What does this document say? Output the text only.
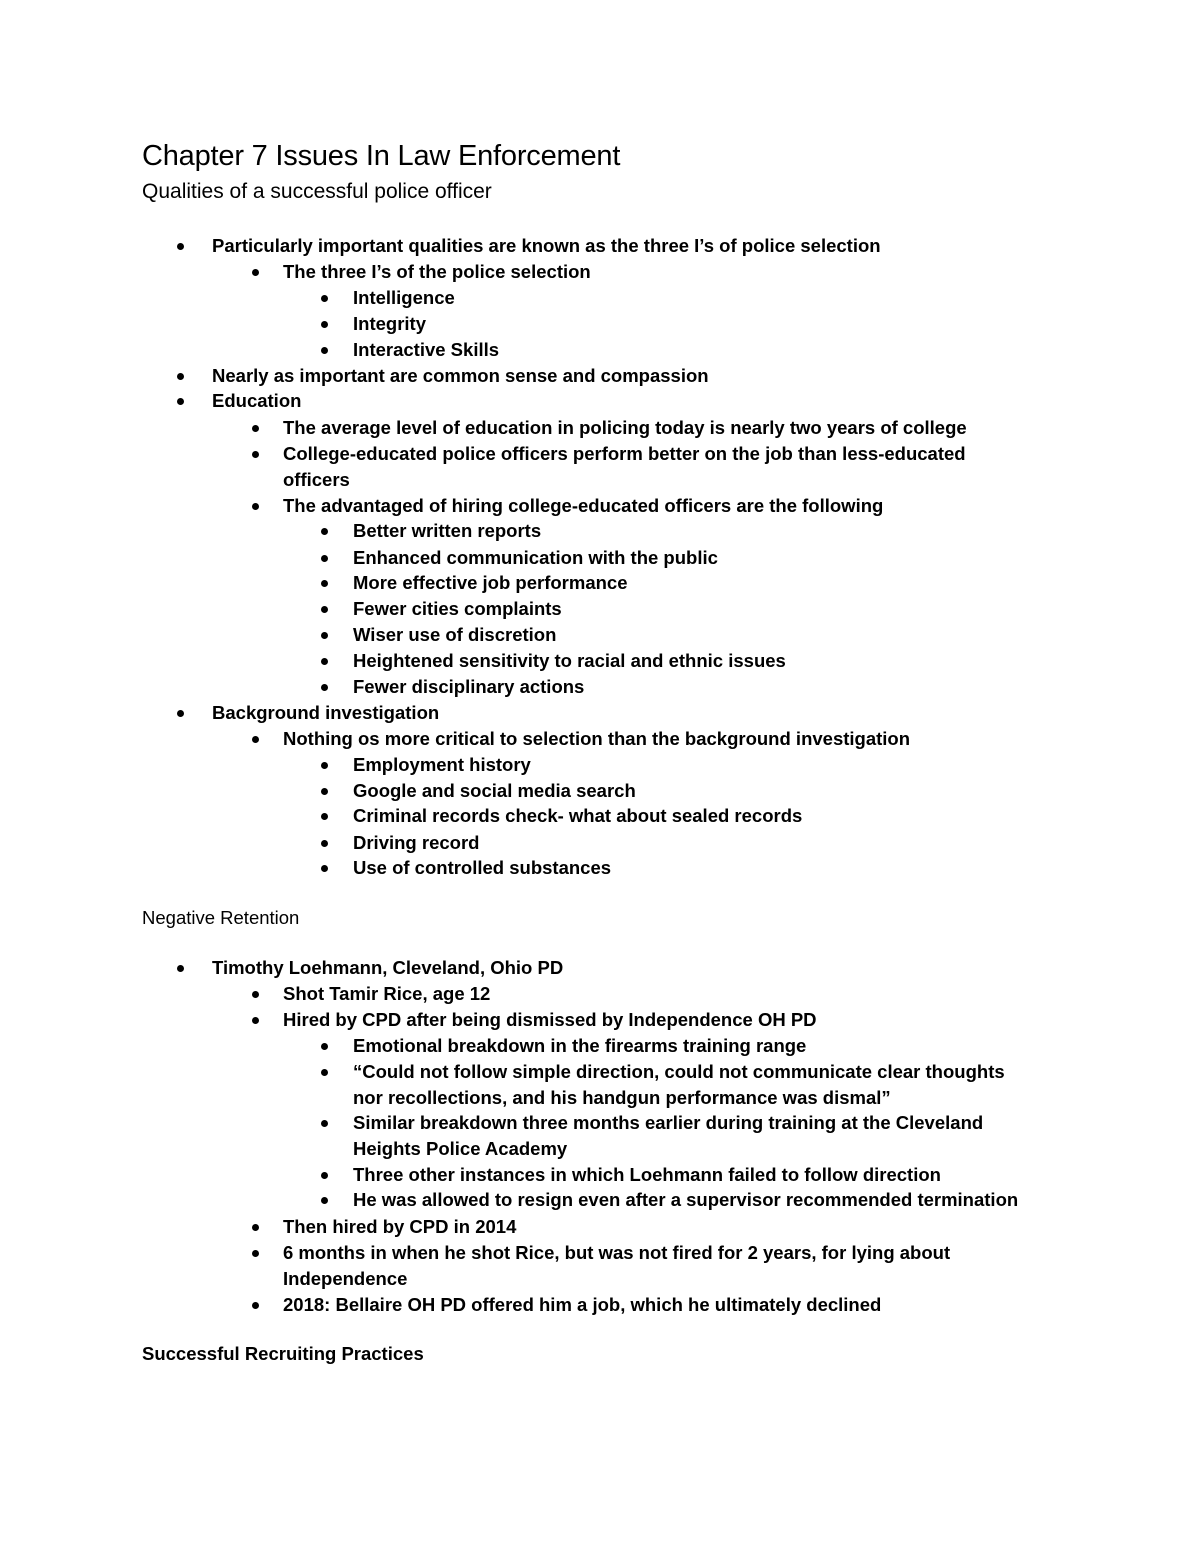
Chapter 7 Issues In Law Enforcement
Qualities of a successful police officer

Particularly important qualities are known as the three I’s of police selection

The three I’s of the police selection

Intelligence

Integrity

Interactive Skills

Nearly as important are common sense and compassion

Education

The average level of education in policing today is nearly two years of college

College-educated police officers perform better on the job than less-educated

officers

The advantaged of hiring college-educated officers are the following

Better written reports

Enhanced communication with the public

More effective job performance

Fewer cities complaints

Wiser use of discretion

Heightened sensitivity to racial and ethnic issues

Fewer disciplinary actions

Background investigation

Nothing os more critical to selection than the background investigation

Employment history

Google and social media search

Criminal records check- what about sealed records

Driving record

Use of controlled substances

Negative Retention

Timothy Loehmann, Cleveland, Ohio PD

Shot Tamir Rice, age 12

Hired by CPD after being dismissed by Independence OH PD

Emotional breakdown in the firearms training range

“Could not follow simple direction, could not communicate clear thoughts

nor recollections, and his handgun performance was dismal”

Similar breakdown three months earlier during training at the Cleveland

Heights Police Academy

Three other instances in which Loehmann failed to follow direction

He was allowed to resign even after a supervisor recommended termination

Then hired by CPD in 2014

6 months in when he shot Rice, but was not fired for 2 years, for lying about

Independence

2018: Bellaire OH PD offered him a job, which he ultimately declined

Successful Recruiting Practices
